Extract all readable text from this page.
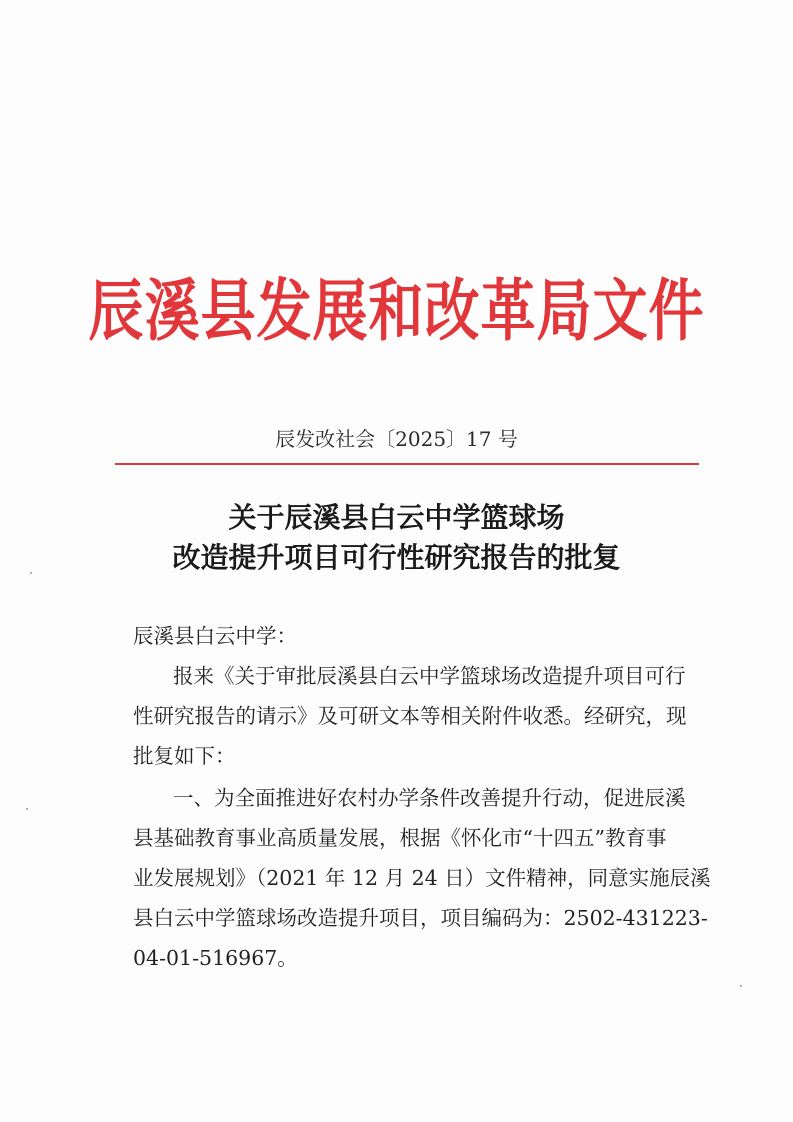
辰溪县发展和改革局文件
辰发改社会〔2025〕17 号
关于辰溪县白云中学篮球场
改造提升项目可行性研究报告的批复
辰溪县白云中学：
报来《关于审批辰溪县白云中学篮球场改造提升项目可行
性研究报告的请示》及可研文本等相关附件收悉。经研究，现
批复如下：
一、为全面推进好农村办学条件改善提升行动，促进辰溪
县基础教育事业高质量发展，根据《怀化市“十四五”教育事
业发展规划》（2021 年 12 月 24 日）文件精神，同意实施辰溪
县白云中学篮球场改造提升项目，项目编码为：2502-431223-
04-01-516967。
